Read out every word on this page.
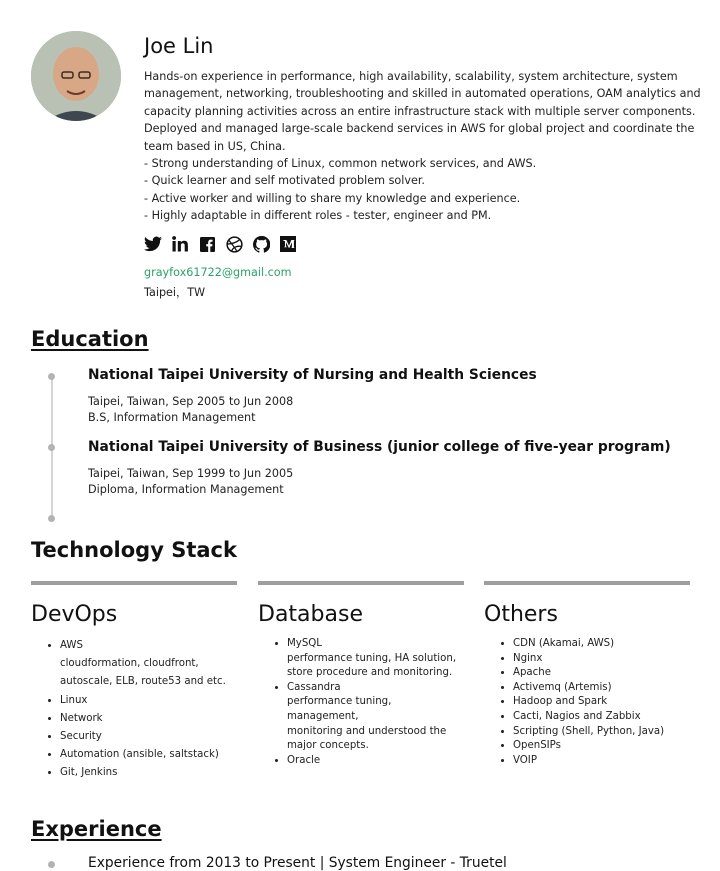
Joe Lin
Hands-on experience in performance, high availability, scalability, system architecture, system
management, networking, troubleshooting and skilled in automated operations, OAM analytics and
capacity planning activities across an entire infrastructure stack with multiple server components.
Deployed and managed large-scale backend services in AWS for global project and coordinate the
team based in US, China.
- Strong understanding of Linux, common network services, and AWS.
- Quick learner and self motivated problem solver.
- Active worker and willing to share my knowledge and experience.
- Highly adaptable in different roles - tester, engineer and PM.
grayfox61722@gmail.com
Taipei，TW
Education
National Taipei University of Nursing and Health Sciences
Taipei, Taiwan, Sep 2005 to Jun 2008
B.S, Information Management
National Taipei University of Business (junior college of five-year program)
Taipei, Taiwan, Sep 1999 to Jun 2005
Diploma, Information Management
Technology Stack
DevOps
• AWS
cloudformation, cloudfront,
autoscale, ELB, route53 and etc.
• Linux
• Network
• Security
• Automation (ansible, saltstack)
• Git, Jenkins
Database
• MySQL
performance tuning, HA solution,
store procedure and monitoring.
• Cassandra
performance tuning, management,
monitoring and understood the
major concepts.
• Oracle
Others
• CDN (Akamai, AWS)
• Nginx
• Apache
• Activemq (Artemis)
• Hadoop and Spark
• Cacti, Nagios and Zabbix
• Scripting (Shell, Python, Java)
• OpenSIPs
• VOIP
Experience
Experience from 2013 to Present | System Engineer - Truetel
